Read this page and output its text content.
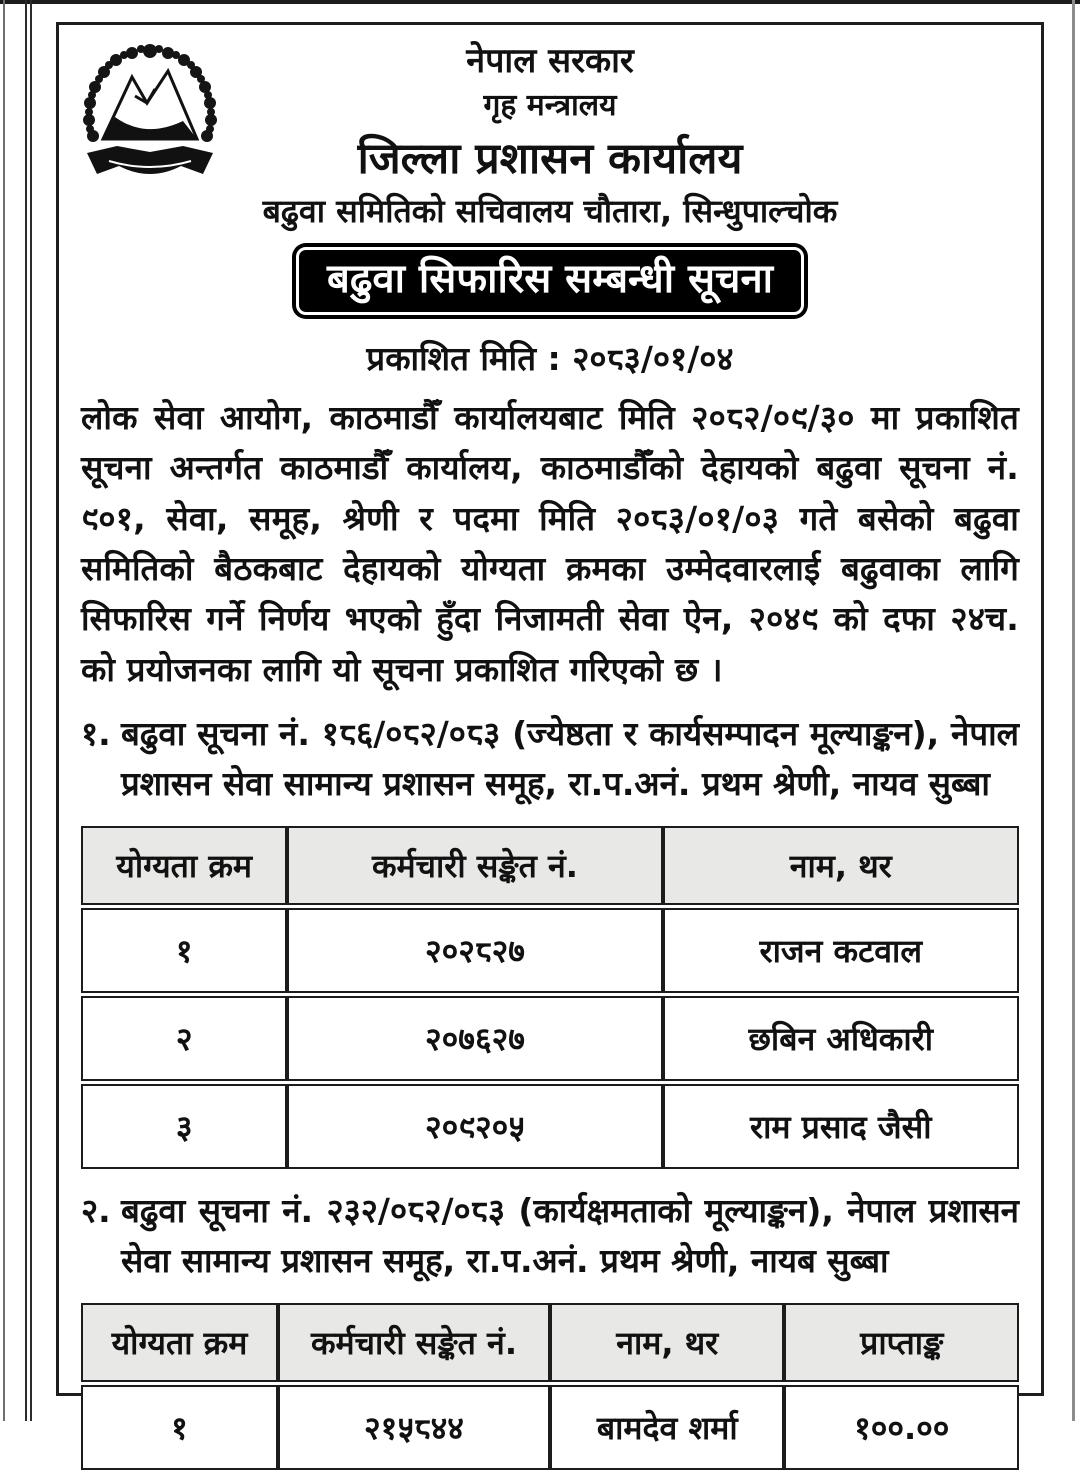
नेपाल सरकार
गृह मन्त्रालय
जिल्ला प्रशासन कार्यालय
बढुवा समितिको सचिवालय चौतारा, सिन्धुपाल्चोक
बढुवा सिफारिस सम्बन्धी सूचना
प्रकाशित मिति : २०८३/०१/०४
लोक सेवा आयोग, काठमाडौँ कार्यालयबाट मिति २०८२/०९/३० मा प्रकाशित सूचना अन्तर्गत काठमाडौँ कार्यालय, काठमाडौँको देहायको बढुवा सूचना नं. ९०१, सेवा, समूह, श्रेणी र पदमा मिति २०८३/०१/०३ गते बसेको बढुवा समितिको बैठकबाट देहायको योग्यता क्रमका उम्मेदवारलाई बढुवाका लागि सिफारिस गर्ने निर्णय भएको हुँदा निजामती सेवा ऐन, २०४९ को दफा २४च. को प्रयोजनका लागि यो सूचना प्रकाशित गरिएको छ ।
१. बढुवा सूचना नं. १८६/०८२/०८३ (ज्येष्ठता र कार्यसम्पादन मूल्याङ्कन), नेपाल प्रशासन सेवा सामान्य प्रशासन समूह, रा.प.अनं. प्रथम श्रेणी, नायव सुब्बा
योग्यता क्रम	कर्मचारी सङ्केत नं.	नाम, थर
१	२०२८२७	राजन कटवाल
२	२०७६२७	छबिन अधिकारी
३	२०९२०५	राम प्रसाद जैसी
२. बढुवा सूचना नं. २३२/०८२/०८३ (कार्यक्षमताको मूल्याङ्कन), नेपाल प्रशासन सेवा सामान्य प्रशासन समूह, रा.प.अनं. प्रथम श्रेणी, नायब सुब्बा
योग्यता क्रम	कर्मचारी सङ्केत नं.	नाम, थर	प्राप्ताङ्क
१	२१५८४४	बामदेव शर्मा	१००.००
